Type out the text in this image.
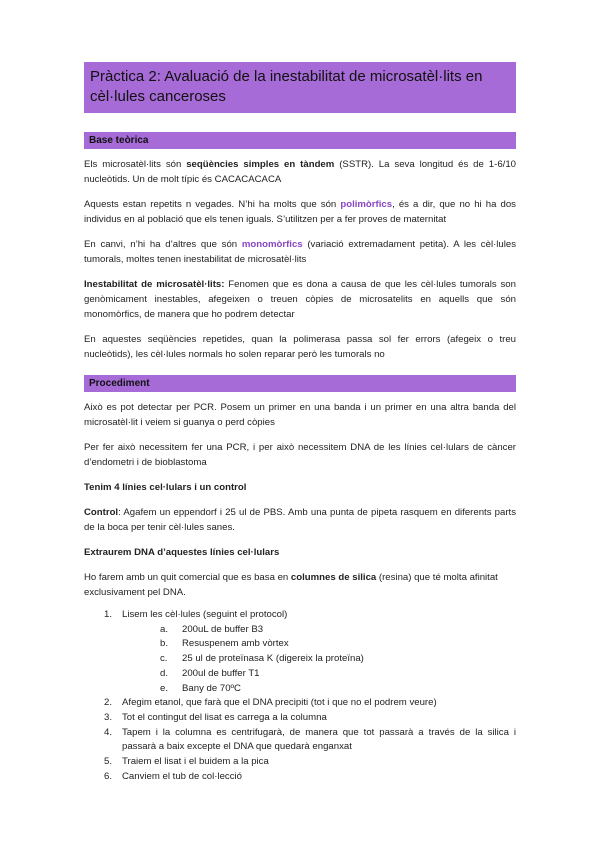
Pràctica 2: Avaluació de la inestabilitat de microsatèl·lits en cèl·lules canceroses
Base teòrica

Els microsatèl·lits són seqüències simples en tàndem (SSTR). La seva longitud és de 1-6/10 nucleòtids. Un de molt típic és CACACACACA

Aquests estan repetits n vegades. N’hi ha molts que són polimòrfics, és a dir, que no hi ha dos individus en al població que els tenen iguals. S’utilitzen per a fer proves de maternitat

En canvi, n’hi ha d’altres que són monomòrfics (variació extremadament petita). A les cèl·lules tumorals, moltes tenen inestabilitat de microsatèl·lits

Inestabilitat de microsatèl·lits: Fenomen que es dona a causa de que les cèl·lules tumorals son genòmicament inestables, afegeixen o treuen còpies de microsatelits en aquells que són monomòrfics, de manera que ho podrem detectar

En aquestes seqüències repetides, quan la polimerasa passa sol fer errors (afegeix o treu nucleòtids), les cèl·lules normals ho solen reparar però les tumorals no

Procediment

Això es pot detectar per PCR. Posem un primer en una banda i un primer en una altra banda del microsatèl·lit i veiem si guanya o perd còpies

Per fer això necessitem fer una PCR, i per això necessitem DNA de les línies cel·lulars de càncer d’endometri i de bioblastoma

Tenim 4 línies cel·lulars i un control

Control: Agafem un eppendorf i 25 ul de PBS. Amb una punta de pipeta rasquem en diferents parts de la boca per tenir cèl·lules sanes.

Extraurem DNA d’aquestes línies cel·lulars

Ho farem amb un quit comercial que es basa en columnes de silica (resina) que té molta afinitat exclusivament pel DNA.

1. Lisem les cèl·lules (seguint el protocol)
a. 200uL de buffer B3
b. Resuspenem amb vòrtex
c. 25 ul de proteïnasa K (digereix la proteïna)
d. 200ul de buffer T1
e. Bany de 70ºC
2. Afegim etanol, que farà que el DNA precipiti (tot i que no el podrem veure)
3. Tot el contingut del lisat es carrega a la columna
4. Tapem i la columna es centrifugarà, de manera que tot passarà a través de la silica i passarà a baix excepte el DNA que quedarà enganxat
5. Traiem el lisat i el buidem a la pica
6. Canviem el tub de col·lecció
